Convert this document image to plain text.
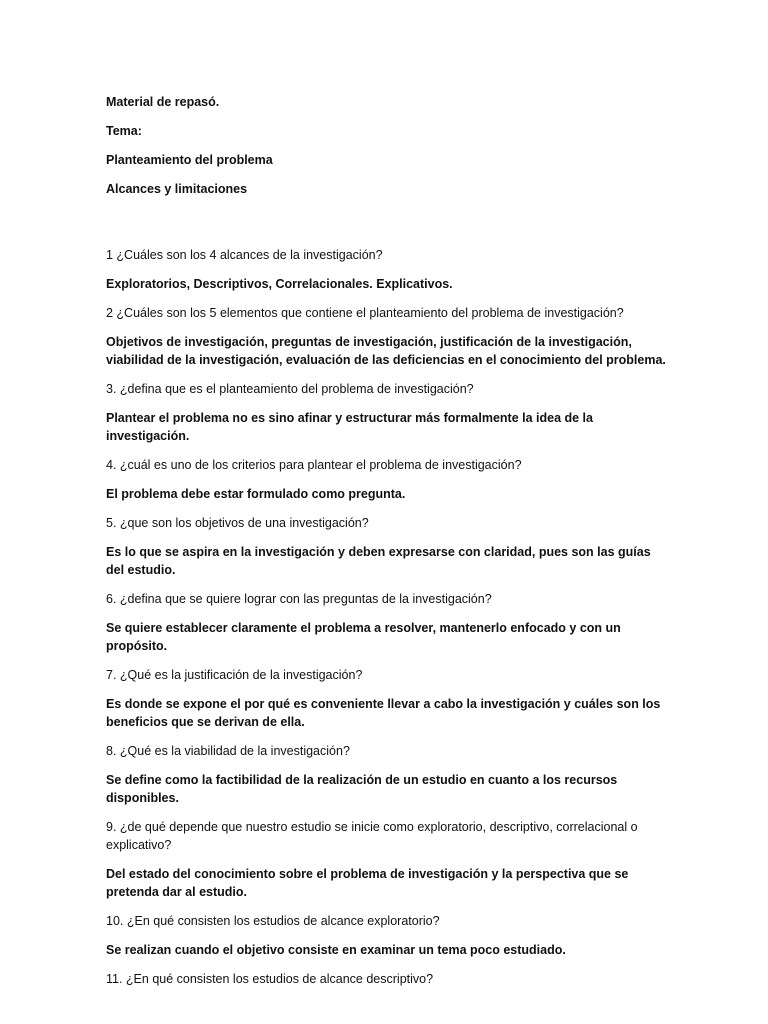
Material de repasó.
Tema:
Planteamiento del problema
Alcances y limitaciones

1 ¿Cuáles son los 4 alcances de la investigación?

Exploratorios, Descriptivos, Correlacionales. Explicativos.

2 ¿Cuáles son los 5 elementos que contiene el planteamiento del problema de investigación?

Objetivos de investigación, preguntas de investigación, justificación de la investigación, viabilidad de la investigación, evaluación de las deficiencias en el conocimiento del problema.

3. ¿defina que es el planteamiento del problema de investigación?

Plantear el problema no es sino afinar y estructurar más formalmente la idea de la investigación.

4. ¿cuál es uno de los criterios para plantear el problema de investigación?

El problema debe estar formulado como pregunta.

5. ¿que son los objetivos de una investigación?

Es lo que se aspira en la investigación y deben expresarse con claridad, pues son las guías del estudio.

6. ¿defina que se quiere lograr con las preguntas de la investigación?

Se quiere establecer claramente el problema a resolver, mantenerlo enfocado y con un propósito.

7. ¿Qué es la justificación de la investigación?

Es donde se expone el por qué es conveniente llevar a cabo la investigación y cuáles son los beneficios que se derivan de ella.

8. ¿Qué es la viabilidad de la investigación?

Se define como la factibilidad de la realización de un estudio en cuanto a los recursos disponibles.

9. ¿de qué depende que nuestro estudio se inicie como exploratorio, descriptivo, correlacional o explicativo?

Del estado del conocimiento sobre el problema de investigación y la perspectiva que se pretenda dar al estudio.

10. ¿En qué consisten los estudios de alcance exploratorio?

Se realizan cuando el objetivo consiste en examinar un tema poco estudiado.

11. ¿En qué consisten los estudios de alcance descriptivo?
